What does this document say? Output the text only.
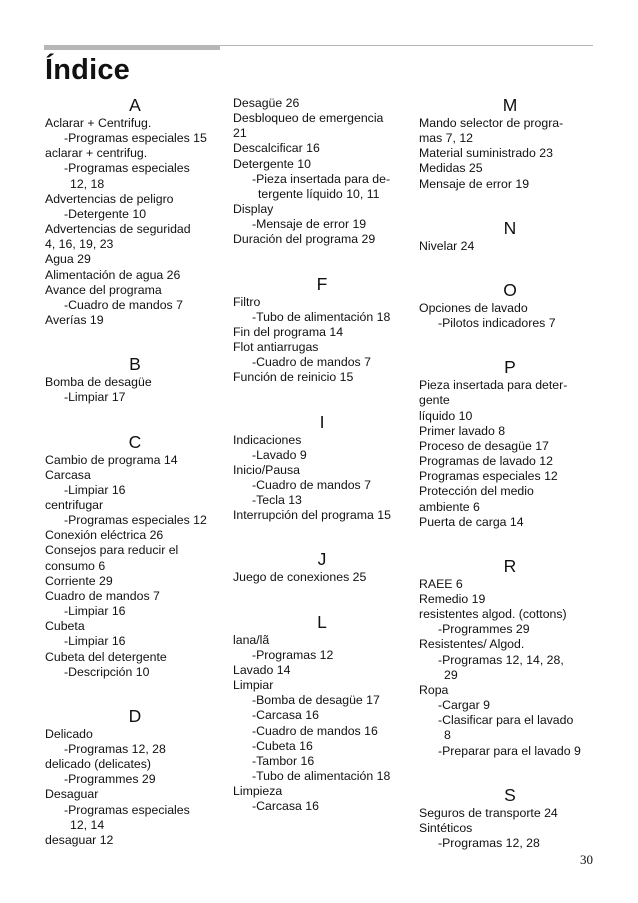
Índice
A
Aclarar + Centrifug.
-Programas especiales 15
aclarar + centrifug.
-Programas especiales
12, 18
Advertencias de peligro
-Detergente 10
Advertencias de seguridad
4, 16, 19, 23
Agua 29
Alimentación de agua 26
Avance del programa
-Cuadro de mandos 7
Averías 19
B
Bomba de desagüe
-Limpiar 17
C
Cambio de programa 14
Carcasa
-Limpiar 16
centrifugar
-Programas especiales 12
Conexión eléctrica 26
Consejos para reducir el
consumo 6
Corriente 29
Cuadro de mandos 7
-Limpiar 16
Cubeta
-Limpiar 16
Cubeta del detergente
-Descripción 10
D
Delicado
-Programas 12, 28
delicado (delicates)
-Programmes 29
Desaguar
-Programas especiales
12, 14
desaguar 12
Desagüe 26
Desbloqueo de emergencia
21
Descalcificar 16
Detergente 10
-Pieza insertada para de-
tergente líquido 10, 11
Display
-Mensaje de error 19
Duración del programa 29
F
Filtro
-Tubo de alimentación 18
Fin del programa 14
Flot antiarrugas
-Cuadro de mandos 7
Función de reinicio 15
I
Indicaciones
-Lavado 9
Inicio/Pausa
-Cuadro de mandos 7
-Tecla 13
Interrupción del programa 15
J
Juego de conexiones 25
L
lana/lã
-Programas 12
Lavado 14
Limpiar
-Bomba de desagüe 17
-Carcasa 16
-Cuadro de mandos 16
-Cubeta 16
-Tambor 16
-Tubo de alimentación 18
Limpieza
-Carcasa 16
M
Mando selector de progra-
mas 7, 12
Material suministrado 23
Medidas 25
Mensaje de error 19
N
Nivelar 24
O
Opciones de lavado
-Pilotos indicadores 7
P
Pieza insertada para deter-
gente
líquido 10
Primer lavado 8
Proceso de desagüe 17
Programas de lavado 12
Programas especiales 12
Protección del medio
ambiente 6
Puerta de carga 14
R
RAEE 6
Remedio 19
resistentes algod. (cottons)
-Programmes 29
Resistentes/ Algod.
-Programas 12, 14, 28,
29
Ropa
-Cargar 9
-Clasificar para el lavado
8
-Preparar para el lavado 9
S
Seguros de transporte 24
Sintéticos
-Programas 12, 28
30
